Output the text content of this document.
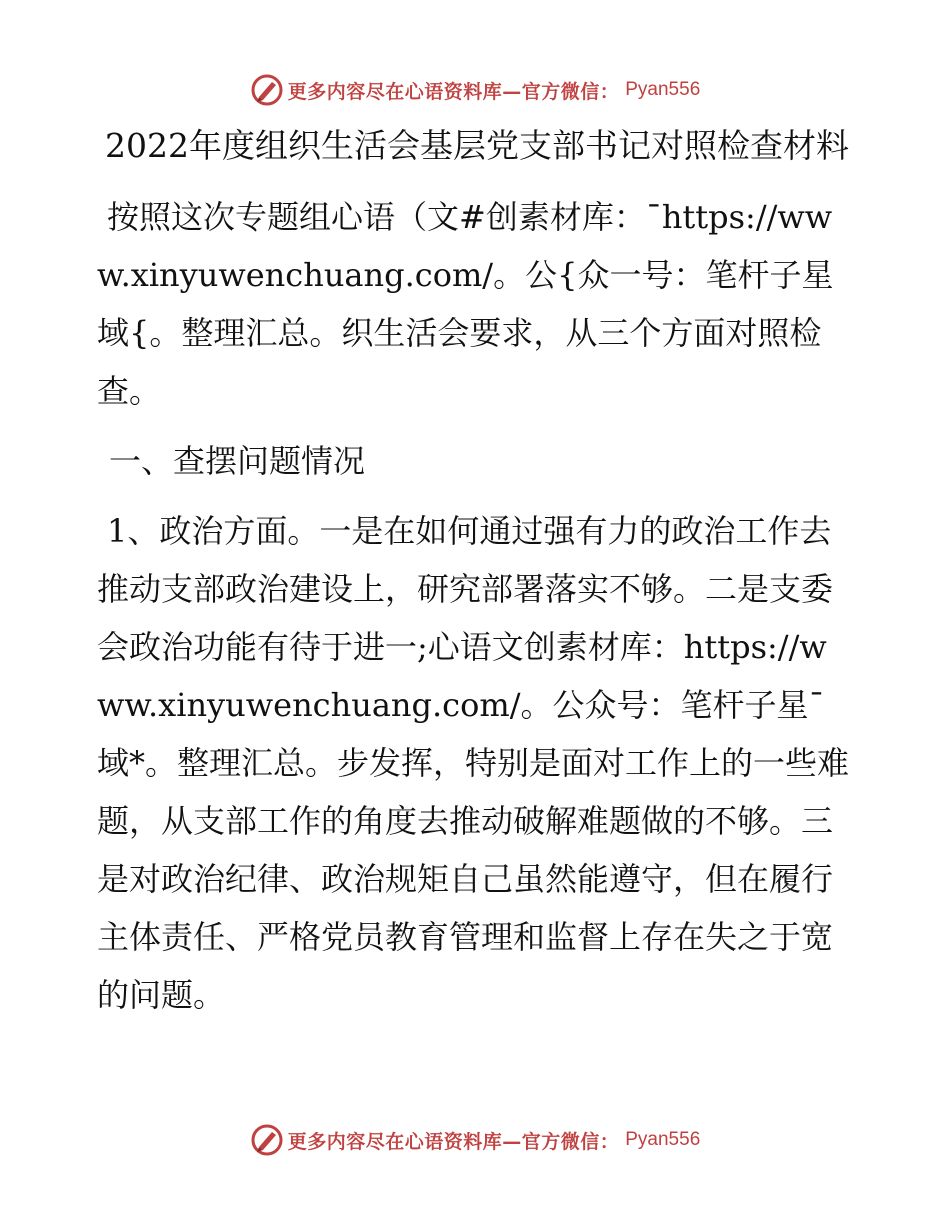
更多内容尽在心语资料库—官方微信： Pyan556
2022年度组织生活会基层党支部书记对照检查材料

按照这次专题组心语（文#创素材库：¯https://www.xinyuwenchuang.com/。公{众一号：笔杆子星域{。整理汇总。织生活会要求，从三个方面对照检查。

一、查摆问题情况

1、政治方面。一是在如何通过强有力的政治工作去推动支部政治建设上，研究部署落实不够。二是支委会政治功能有待于进一;心语文创素材库：https://www.xinyuwenchuang.com/。公众号：笔杆子星¯域*。整理汇总。步发挥，特别是面对工作上的一些难题，从支部工作的角度去推动破解难题做的不够。三是对政治纪律、政治规矩自己虽然能遵守，但在履行主体责任、严格党员教育管理和监督上存在失之于宽的问题。

更多内容尽在心语资料库—官方微信： Pyan556
